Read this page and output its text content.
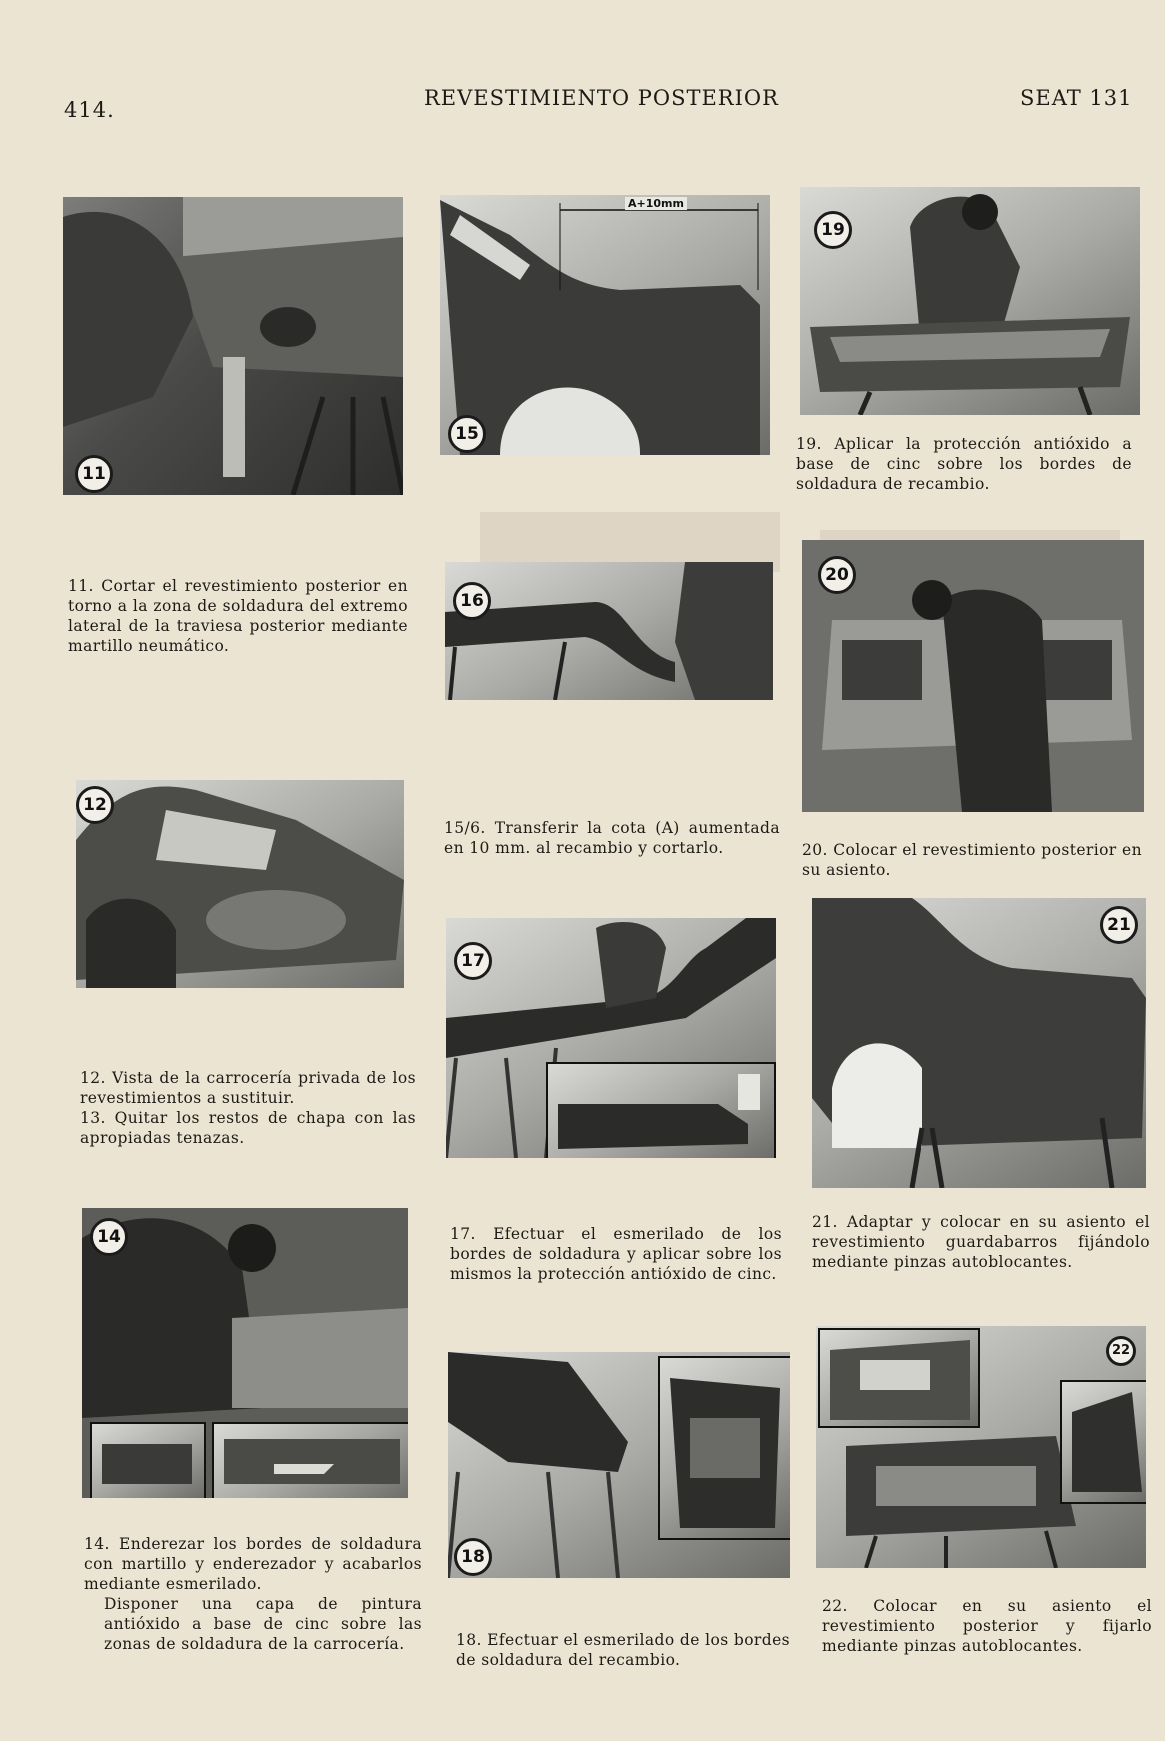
414.	REVESTIMIENTO POSTERIOR	SEAT 131
11
11. Cortar el revestimiento posterior en torno a la zona de soldadura del extremo lateral de la traviesa posterior mediante martillo neumático.
A+10mm
15
19
19. Aplicar la protección antióxido a base de cinc sobre los bordes de soldadura de recambio.
16
20
20. Colocar el revestimiento posterior en su asiento.
12

12. Vista de la carrocería privada de los revestimientos a sustituir.

13. Quitar los restos de chapa con las apropiadas tenazas.

15/6. Transferir la cota (A) aumentada en 10 mm. al recambio y cortarlo.
17
17. Efectuar el esmerilado de los bordes de soldadura y aplicar sobre los mismos la protección antióxido de cinc.
21
21. Adaptar y colocar en su asiento el revestimiento guardabarros fijándolo mediante pinzas autoblocantes.
14

14. Enderezar los bordes de soldadura con martillo y enderezador y acabarlos mediante esmerilado.

Disponer una capa de pintura antióxido a base de cinc sobre las zonas de soldadura de la carrocería.

18
18. Efectuar el esmerilado de los bordes de soldadura del recambio.
22
22. Colocar en su asiento el revestimiento posterior y fijarlo mediante pinzas autoblocantes.
